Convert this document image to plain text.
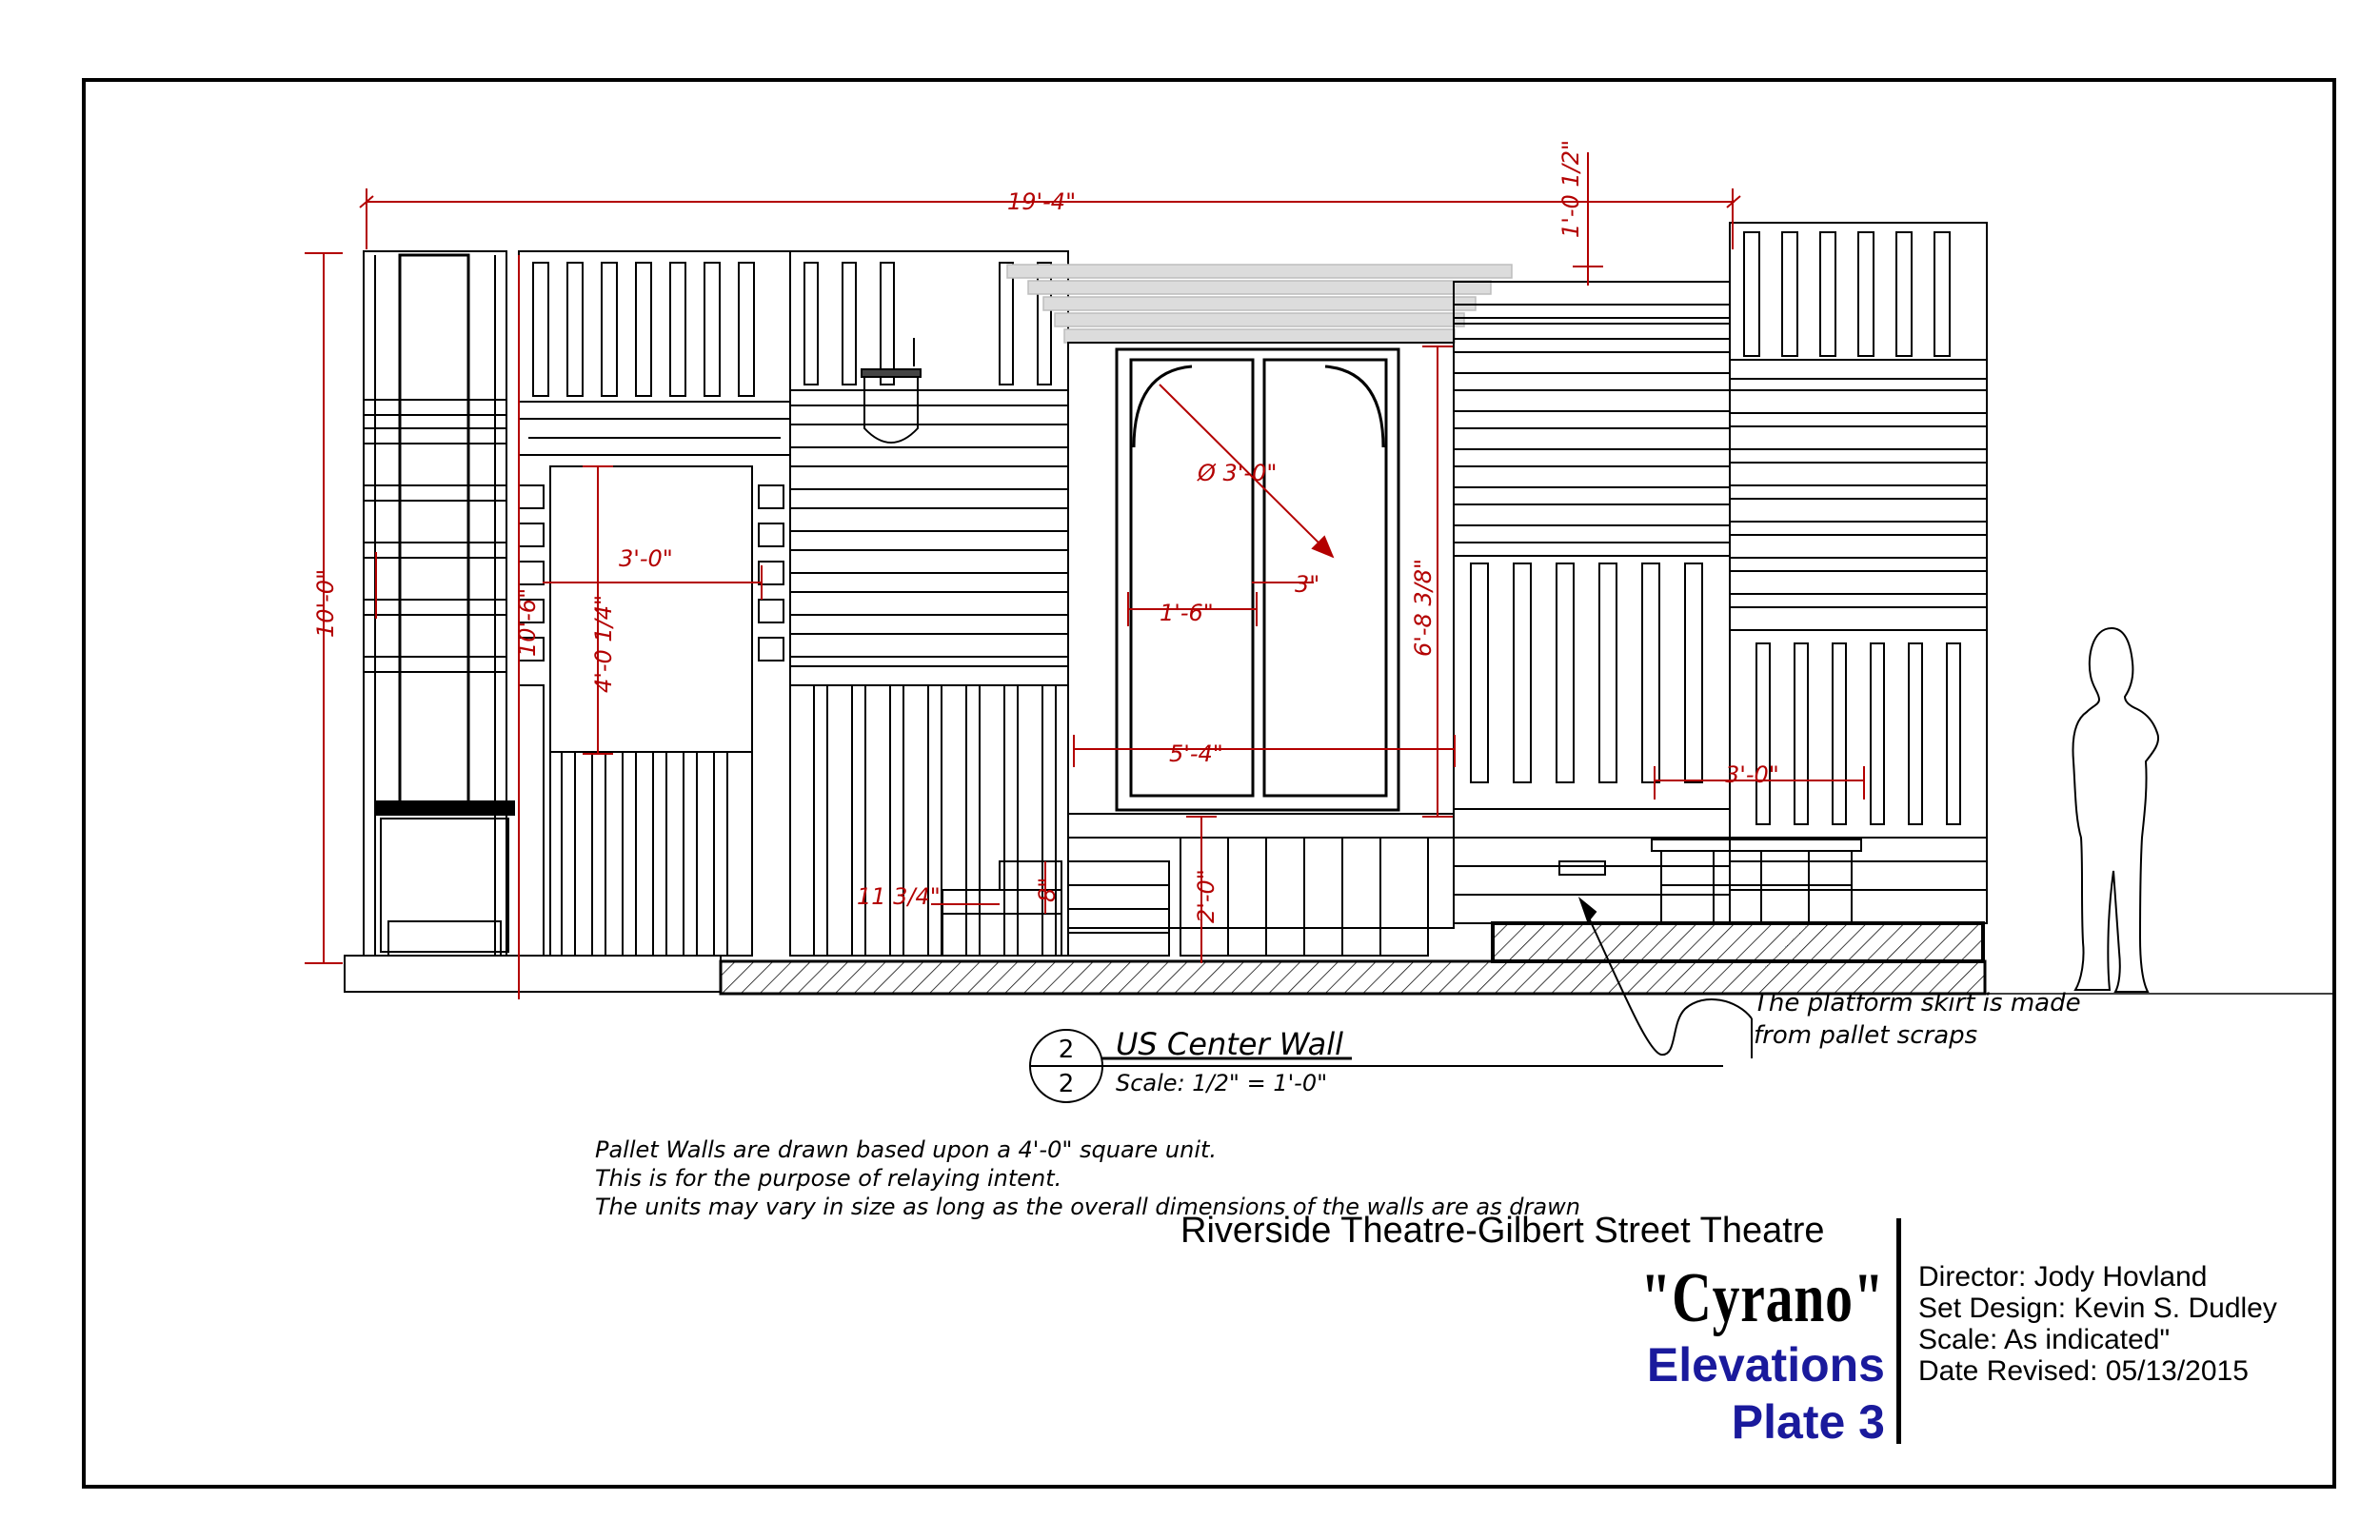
19'-4"	1'-0 1/2"
10'-0"	10'-6" 4'-0 1/4"
3'-0"
Ø 3'-0"
1'-6"
3"	6'-8 3/8"
5'-4"
3'-0"
2'-0"
11 3/4"	8"
The platform skirt is made
from pallet scraps
2
2
US Center Wall
Scale: 1/2" = 1'-0"
Pallet Walls are drawn based upon a 4'-0" square unit.
This is for the purpose of relaying intent.
The units may vary in size as long as the overall dimensions of the walls are as drawn
Riverside Theatre-Gilbert Street Theatre
"Cyrano"
Elevations
Plate 3
Director: Jody Hovland
Set Design: Kevin S. Dudley
Scale: As indicated"
Date Revised: 05/13/2015
